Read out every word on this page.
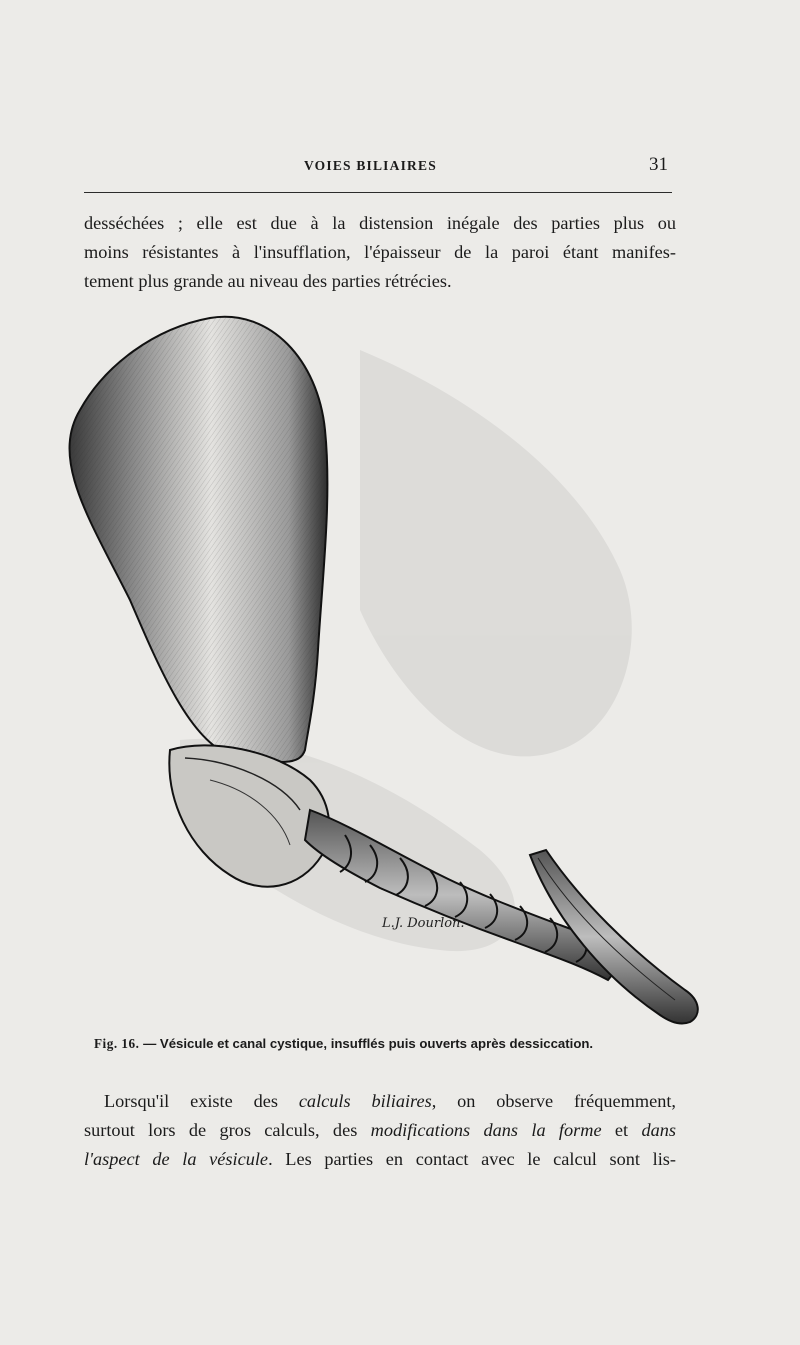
VOIES BILIAIRES	31
desséchées ; elle est due à la distension inégale des parties plus ou
moins résistantes à l'insufflation, l'épaisseur de la paroi étant manifes-
tement plus grande au niveau des parties rétrécies.
L.J. Dourlon.
Fig. 16. — Vésicule et canal cystique, insufflés puis ouverts après dessiccation.
Lorsqu'il existe des calculs biliaires, on observe fréquemment,
surtout lors de gros calculs, des modifications dans la forme et dans
l'aspect de la vésicule. Les parties en contact avec le calcul sont lis-
